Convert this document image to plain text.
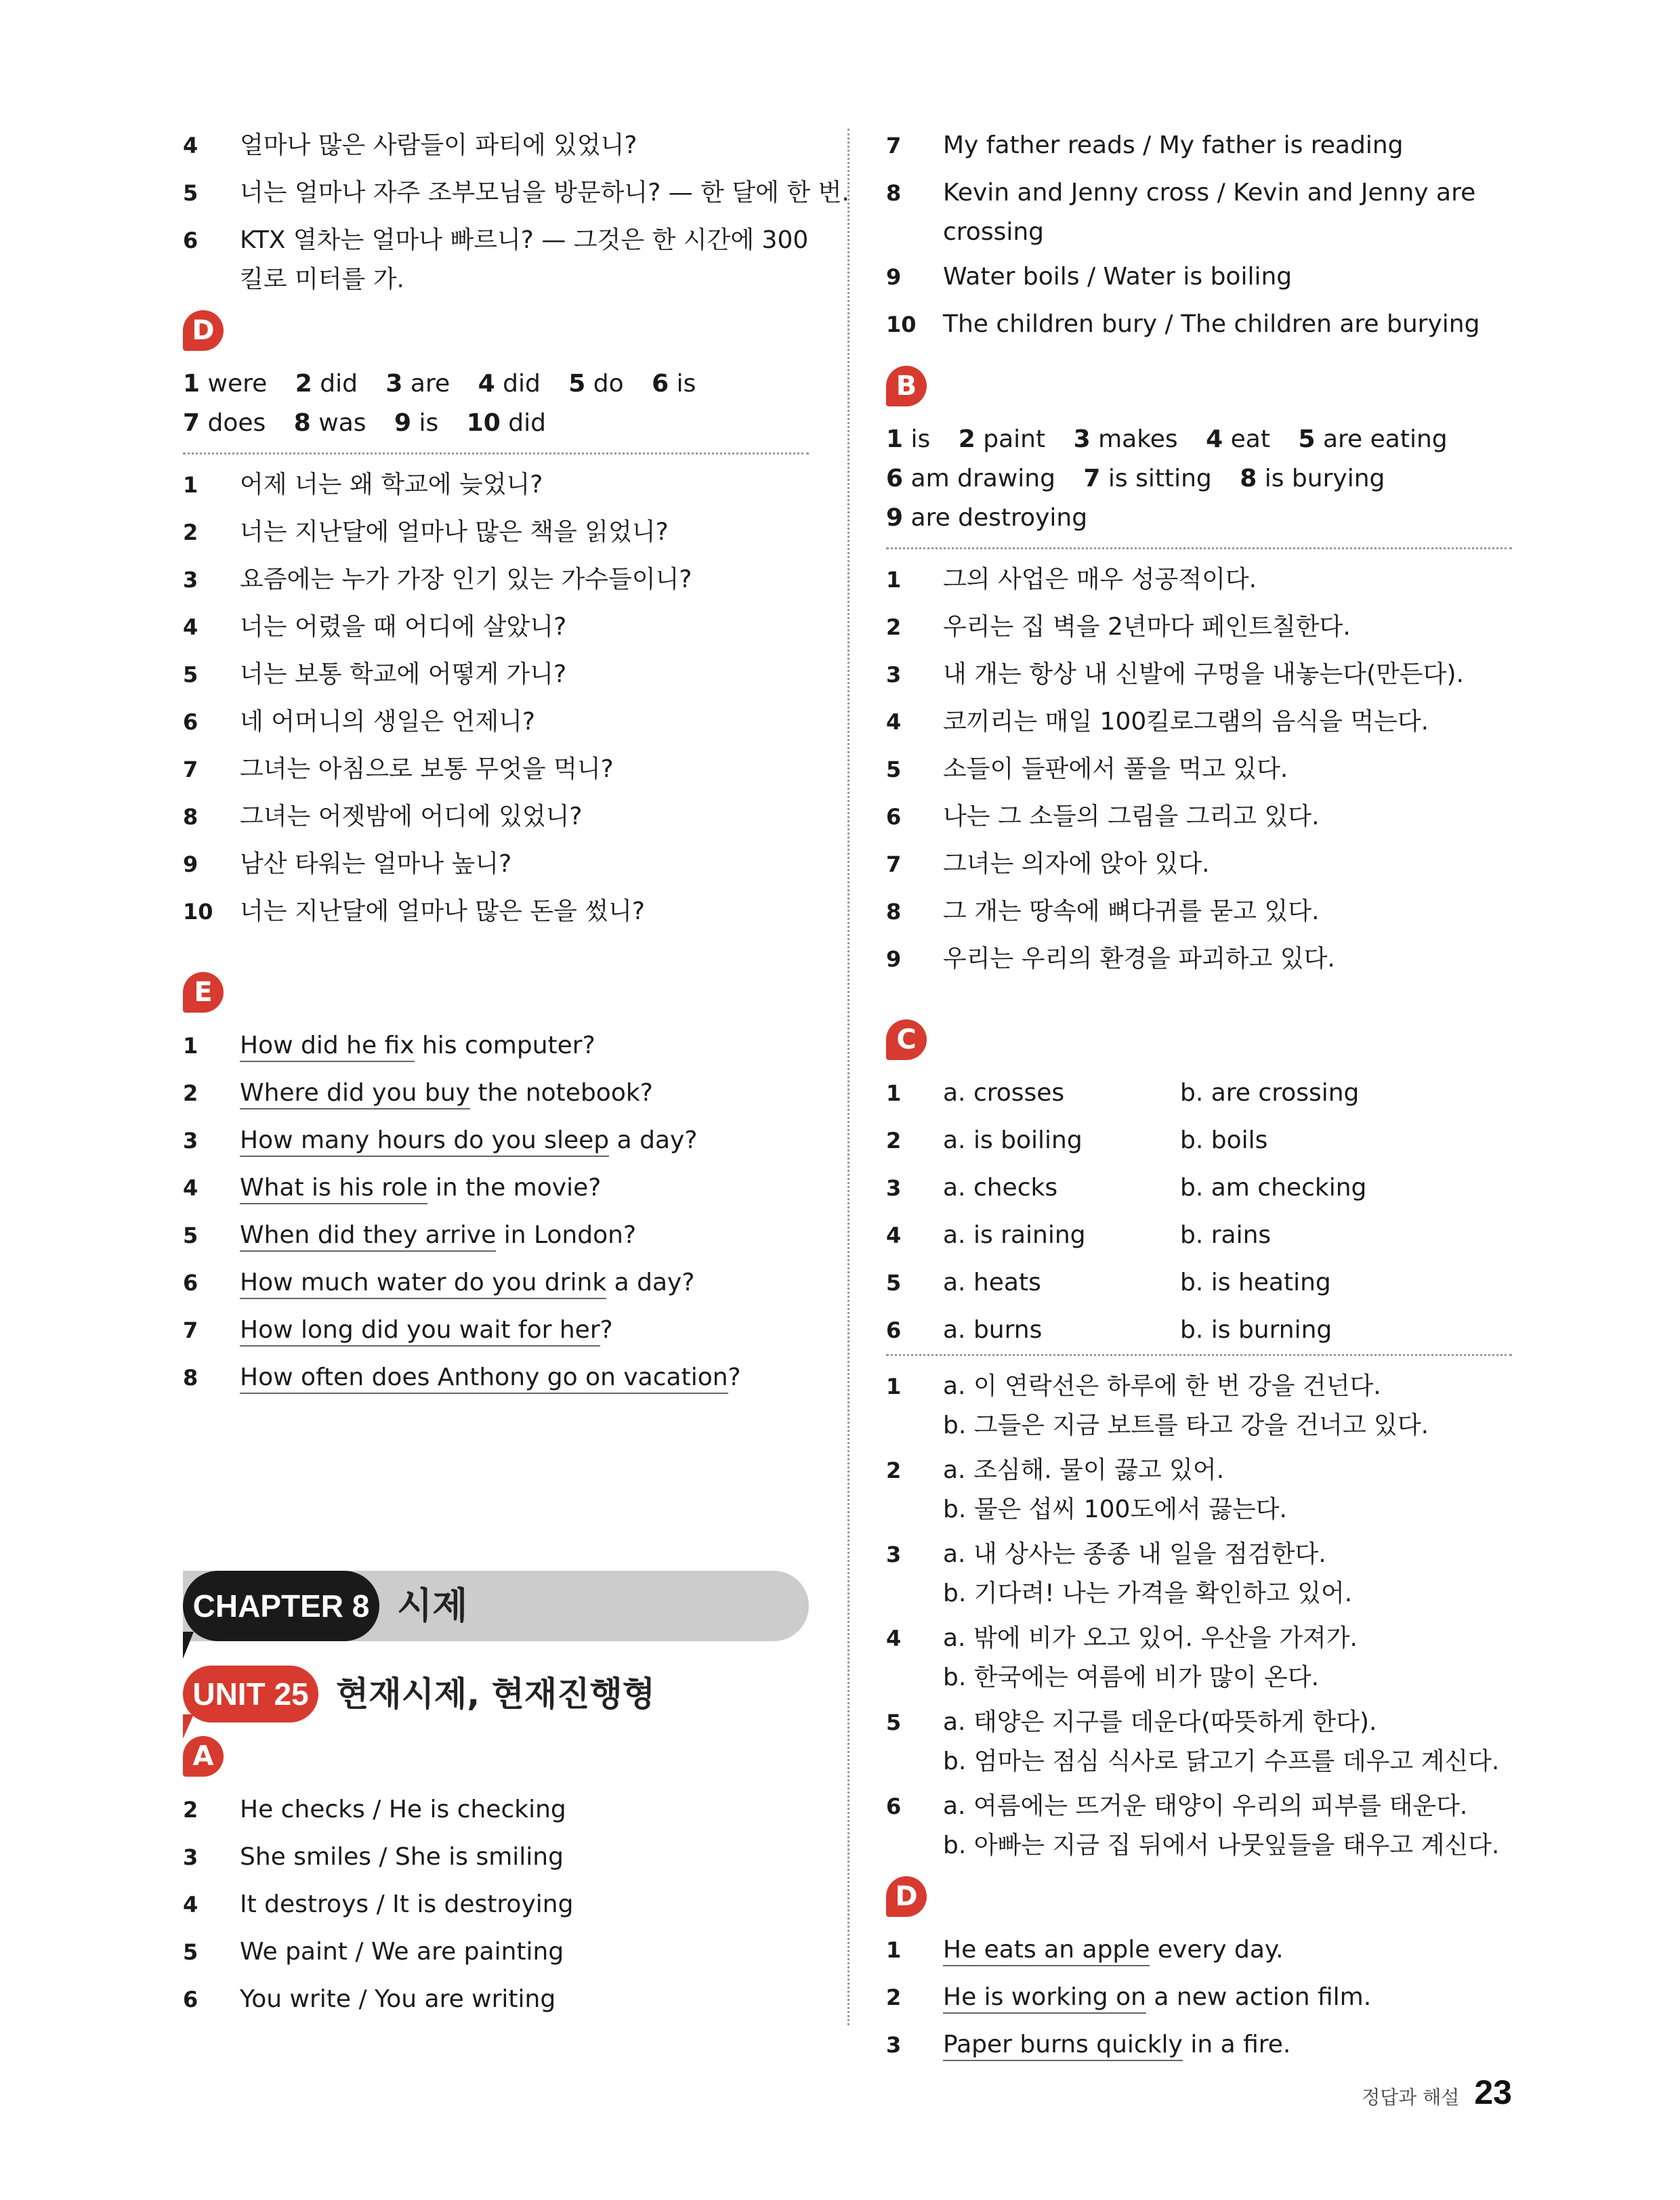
4 얼마나 많은 사람들이 파티에 있었니?
5 너는 얼마나 자주 조부모님을 방문하니? — 한 달에 한 번.
6 KTX 열차는 얼마나 빠르니? — 그것은 한 시간에 300킬로 미터를 가.
D
1 were 2 did 3 are 4 did 5 do 6 is 7 does 8 was 9 is 10 did
1 어제 너는 왜 학교에 늦었니?
2 너는 지난달에 얼마나 많은 책을 읽었니?
3 요즘에는 누가 가장 인기 있는 가수들이니?
4 너는 어렸을 때 어디에 살았니?
5 너는 보통 학교에 어떻게 가니?
6 네 어머니의 생일은 언제니?
7 그녀는 아침으로 보통 무엇을 먹니?
8 그녀는 어젯밤에 어디에 있었니?
9 남산 타워는 얼마나 높니?
10 너는 지난달에 얼마나 많은 돈을 썼니?
E
1 How did he fix his computer?
2 Where did you buy the notebook?
3 How many hours do you sleep a day?
4 What is his role in the movie?
5 When did they arrive in London?
6 How much water do you drink a day?
7 How long did you wait for her?
8 How often does Anthony go on vacation?
CHAPTER 8 시제
UNIT 25 현재시제, 현재진행형
A
2 He checks / He is checking
3 She smiles / She is smiling
4 It destroys / It is destroying
5 We paint / We are painting
6 You write / You are writing
7 My father reads / My father is reading
8 Kevin and Jenny cross / Kevin and Jenny are crossing
9 Water boils / Water is boiling
10 The children bury / The children are burying
B
1 is 2 paint 3 makes 4 eat 5 are eating 6 am drawing 7 is sitting 8 is burying 9 are destroying
1 그의 사업은 매우 성공적이다.
2 우리는 집 벽을 2년마다 페인트칠한다.
3 내 개는 항상 내 신발에 구멍을 내놓는다(만든다).
4 코끼리는 매일 100킬로그램의 음식을 먹는다.
5 소들이 들판에서 풀을 먹고 있다.
6 나는 그 소들의 그림을 그리고 있다.
7 그녀는 의자에 앉아 있다.
8 그 개는 땅속에 뼈다귀를 묻고 있다.
9 우리는 우리의 환경을 파괴하고 있다.
C
1 a. crosses	b. are crossing
2 a. is boiling	b. boils
3 a. checks	b. am checking
4 a. is raining	b. rains
5 a. heats	b. is heating
6 a. burns	b. is burning
1 a. 이 연락선은 하루에 한 번 강을 건넌다.
b. 그들은 지금 보트를 타고 강을 건너고 있다.
2 a. 조심해. 물이 끓고 있어.
b. 물은 섭씨 100도에서 끓는다.
3 a. 내 상사는 종종 내 일을 점검한다.
b. 기다려! 나는 가격을 확인하고 있어.
4 a. 밖에 비가 오고 있어. 우산을 가져가.
b. 한국에는 여름에 비가 많이 온다.
5 a. 태양은 지구를 데운다(따뜻하게 한다).
b. 엄마는 점심 식사로 닭고기 수프를 데우고 계신다.
6 a. 여름에는 뜨거운 태양이 우리의 피부를 태운다.
b. 아빠는 지금 집 뒤에서 나뭇잎들을 태우고 계신다.
D
1 He eats an apple every day.
2 He is working on a new action film.
3 Paper burns quickly in a fire.
정답과 해설 23
